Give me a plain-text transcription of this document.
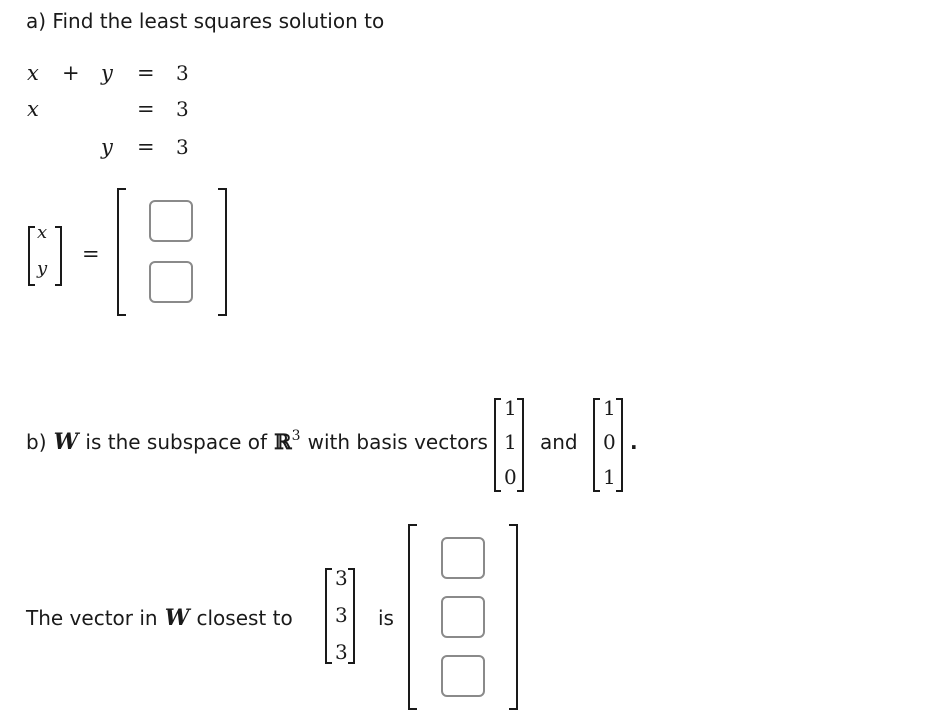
a) Find the least squares solution to
x + y = 3
x	= 3
y = 3
x
y
=
b) W is the subspace of ℝ3 with basis vectors
1
1
0
and
1
0
1
.
The vector in W closest to
3
3
3
is
